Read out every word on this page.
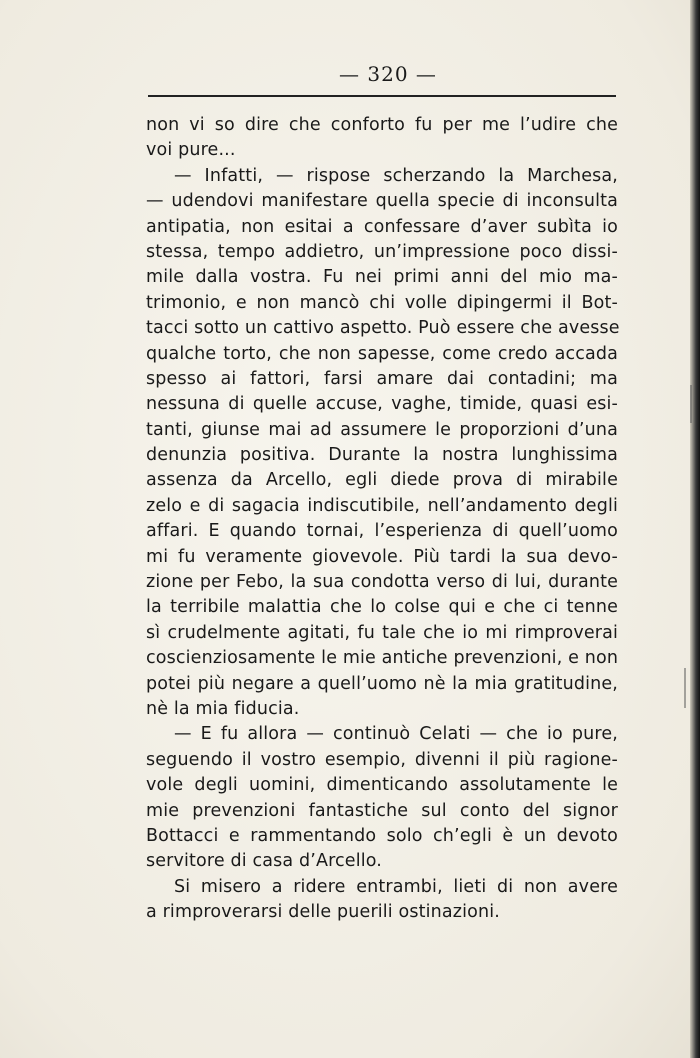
— 320 —
non vi so dire che conforto fu per me l’udire che
voi pure...
— Infatti, — rispose scherzando la Marchesa,
— udendovi manifestare quella specie di inconsulta
antipatia, non esitai a confessare d’aver subìta io
stessa, tempo addietro, un’impressione poco dissi-
mile dalla vostra. Fu nei primi anni del mio ma-
trimonio, e non mancò chi volle dipingermi il Bot-
tacci sotto un cattivo aspetto. Può essere che avesse
qualche torto, che non sapesse, come credo accada
spesso ai fattori, farsi amare dai contadini; ma
nessuna di quelle accuse, vaghe, timide, quasi esi-
tanti, giunse mai ad assumere le proporzioni d’una
denunzia positiva. Durante la nostra lunghissima
assenza da Arcello, egli diede prova di mirabile
zelo e di sagacia indiscutibile, nell’andamento degli
affari. E quando tornai, l’esperienza di quell’uomo
mi fu veramente giovevole. Più tardi la sua devo-
zione per Febo, la sua condotta verso di lui, durante
la terribile malattia che lo colse qui e che ci tenne
sì crudelmente agitati, fu tale che io mi rimproverai
coscienziosamente le mie antiche prevenzioni, e non
potei più negare a quell’uomo nè la mia gratitudine,
nè la mia fiducia.
— E fu allora — continuò Celati — che io pure,
seguendo il vostro esempio, divenni il più ragione-
vole degli uomini, dimenticando assolutamente le
mie prevenzioni fantastiche sul conto del signor
Bottacci e rammentando solo ch’egli è un devoto
servitore di casa d’Arcello.
Si misero a ridere entrambi, lieti di non avere
a rimproverarsi delle puerili ostinazioni.
